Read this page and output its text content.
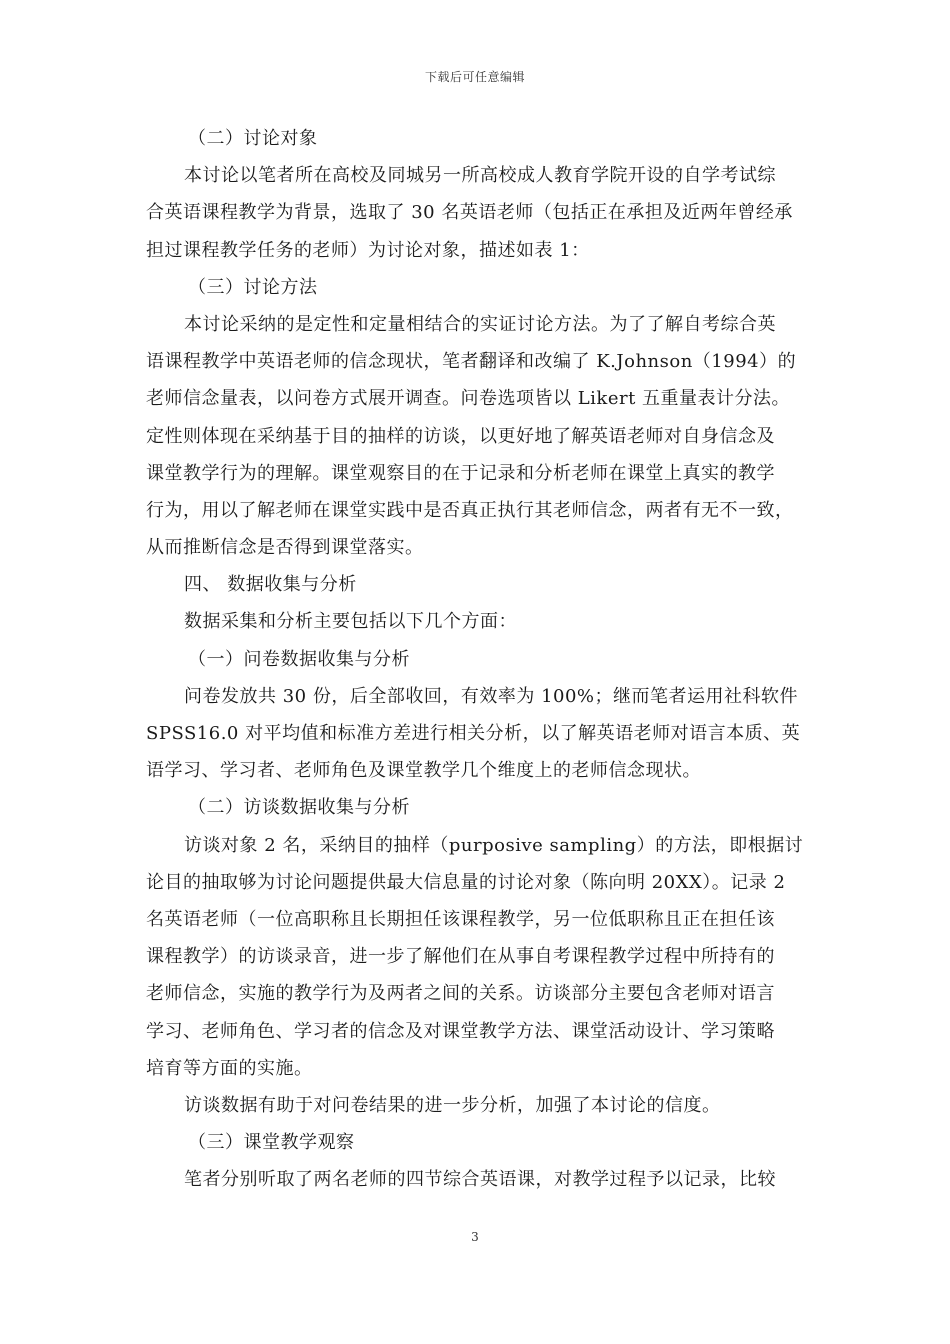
下载后可任意编辑
（二）讨论对象
本讨论以笔者所在高校及同城另一所高校成人教育学院开设的自学考试综
合英语课程教学为背景，选取了 30 名英语老师（包括正在承担及近两年曾经承
担过课程教学任务的老师）为讨论对象，描述如表 1：
（三）讨论方法
本讨论采纳的是定性和定量相结合的实证讨论方法。为了了解自考综合英
语课程教学中英语老师的信念现状，笔者翻译和改编了 K.Johnson（1994）的
老师信念量表，以问卷方式展开调查。问卷选项皆以 Likert 五重量表计分法。
定性则体现在采纳基于目的抽样的访谈，以更好地了解英语老师对自身信念及
课堂教学行为的理解。课堂观察目的在于记录和分析老师在课堂上真实的教学
行为，用以了解老师在课堂实践中是否真正执行其老师信念，两者有无不一致，
从而推断信念是否得到课堂落实。
四、 数据收集与分析
数据采集和分析主要包括以下几个方面：
（一）问卷数据收集与分析
问卷发放共 30 份，后全部收回，有效率为 100%；继而笔者运用社科软件
SPSS16.0 对平均值和标准方差进行相关分析，以了解英语老师对语言本质、英
语学习、学习者、老师角色及课堂教学几个维度上的老师信念现状。
（二）访谈数据收集与分析
访谈对象 2 名，采纳目的抽样（purposive sampling）的方法，即根据讨
论目的抽取够为讨论问题提供最大信息量的讨论对象（陈向明 20XX）。记录 2
名英语老师（一位高职称且长期担任该课程教学，另一位低职称且正在担任该
课程教学）的访谈录音，进一步了解他们在从事自考课程教学过程中所持有的
老师信念，实施的教学行为及两者之间的关系。访谈部分主要包含老师对语言
学习、老师角色、学习者的信念及对课堂教学方法、课堂活动设计、学习策略
培育等方面的实施。
访谈数据有助于对问卷结果的进一步分析，加强了本讨论的信度。
（三）课堂教学观察
笔者分别听取了两名老师的四节综合英语课，对教学过程予以记录，比较
3
